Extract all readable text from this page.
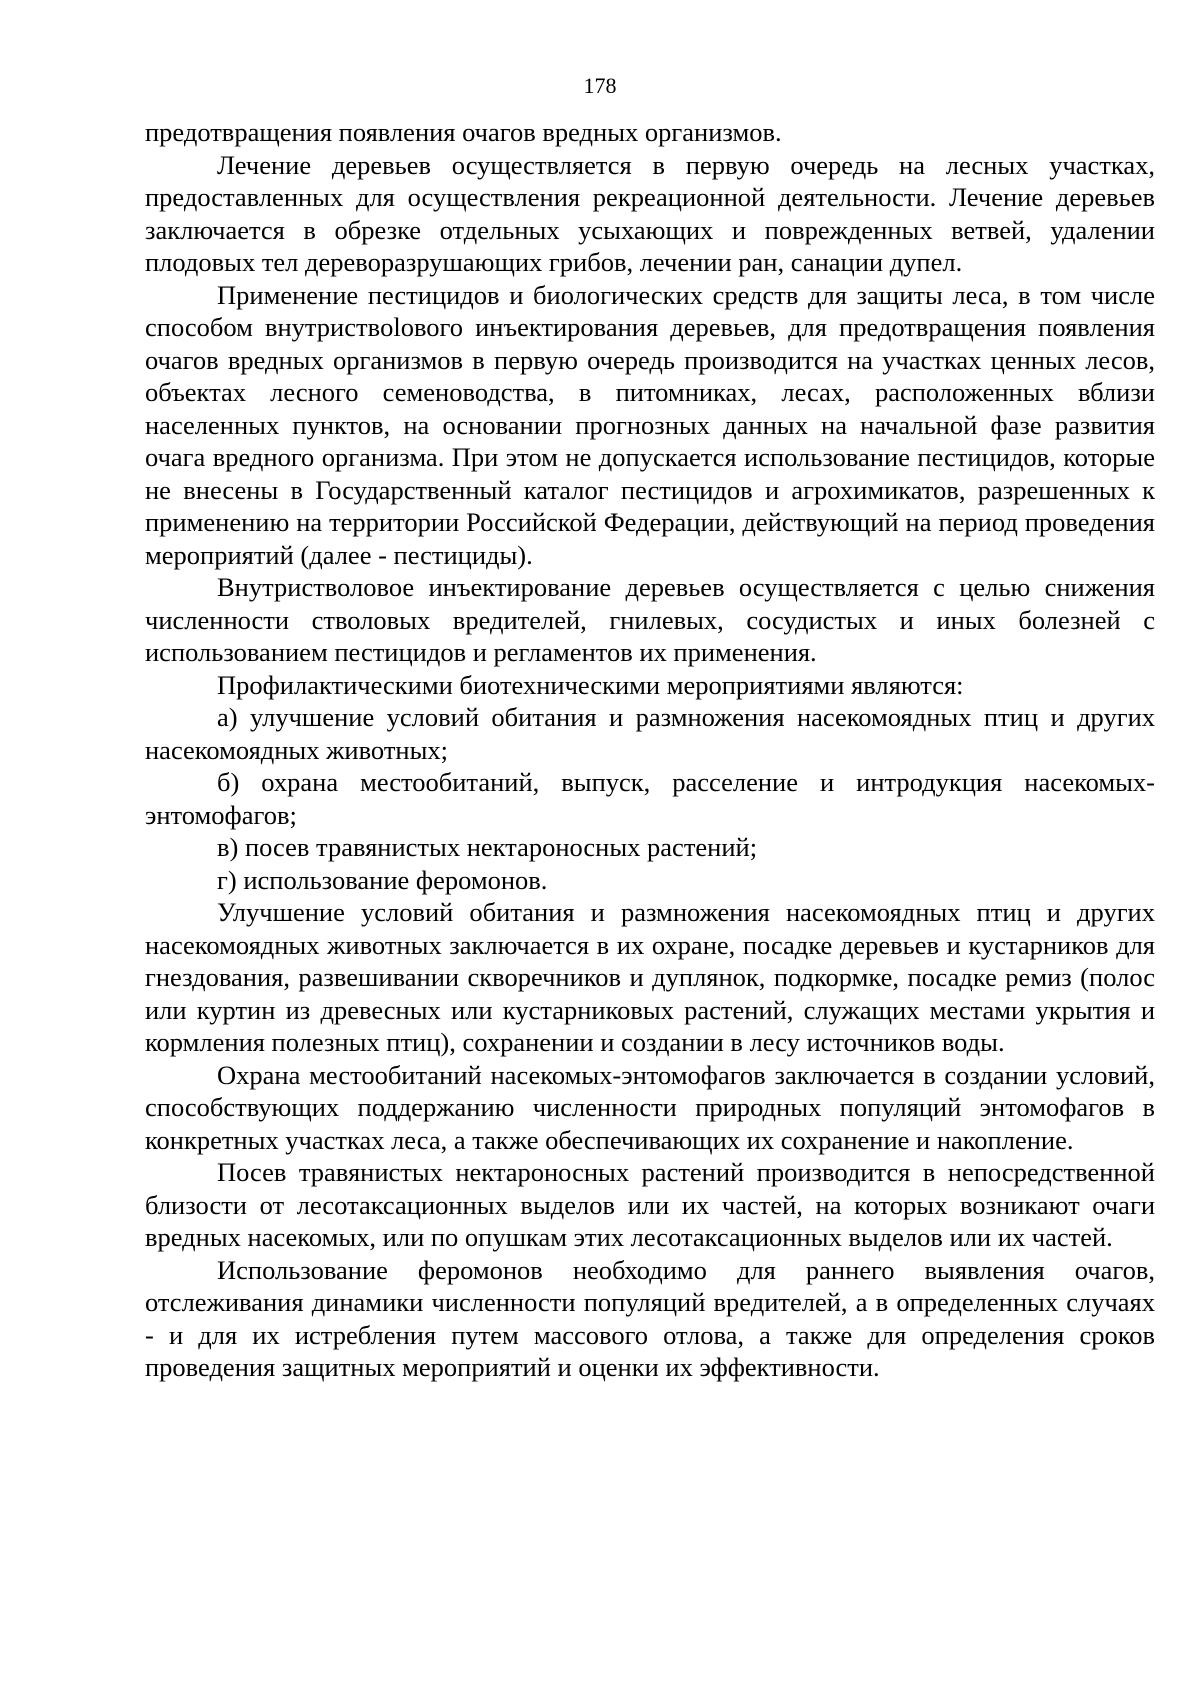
178

предотвращения появления очагов вредных организмов.

Лечение деревьев осуществляется в первую очередь на лесных участках, предоставленных для осуществления рекреационной деятельности. Лечение деревьев заключается в обрезке отдельных усыхающих и поврежденных ветвей, удалении плодовых тел дереворазрушающих грибов, лечении ран, санации дупел.

Применение пестицидов и биологических средств для защиты леса, в том числе способом внутриствolового инъектирования деревьев, для предотвращения появления очагов вредных организмов в первую очередь производится на участках ценных лесов, объектах лесного семеноводства, в питомниках, лесах, расположенных вблизи населенных пунктов, на основании прогнозных данных на начальной фазе развития очага вредного организма. При этом не допускается использование пестицидов, которые не внесены в Государственный каталог пестицидов и агрохимикатов, разрешенных к применению на территории Российской Федерации, действующий на период проведения мероприятий (далее - пестициды).

Внутристволовое инъектирование деревьев осуществляется с целью снижения численности стволовых вредителей, гнилевых, сосудистых и иных болезней с использованием пестицидов и регламентов их применения.

Профилактическими биотехническими мероприятиями являются:

а) улучшение условий обитания и размножения насекомоядных птиц и других насекомоядных животных;

б) охрана местообитаний, выпуск, расселение и интродукция насекомых-энтомофагов;

в) посев травянистых нектароносных растений;

г) использование феромонов.

Улучшение условий обитания и размножения насекомоядных птиц и других насекомоядных животных заключается в их охране, посадке деревьев и кустарников для гнездования, развешивании скворечников и дуплянок, подкормке, посадке ремиз (полос или куртин из древесных или кустарниковых растений, служащих местами укрытия и кормления полезных птиц), сохранении и создании в лесу источников воды.

Охрана местообитаний насекомых-энтомофагов заключается в создании условий, способствующих поддержанию численности природных популяций энтомофагов в конкретных участках леса, а также обеспечивающих их сохранение и накопление.

Посев травянистых нектароносных растений производится в непосредственной близости от лесотаксационных выделов или их частей, на которых возникают очаги вредных насекомых, или по опушкам этих лесотаксационных выделов или их частей.

Использование феромонов необходимо для раннего выявления очагов, отслеживания динамики численности популяций вредителей, а в определенных случаях - и для их истребления путем массового отлова, а также для определения сроков проведения защитных мероприятий и оценки их эффективности.
